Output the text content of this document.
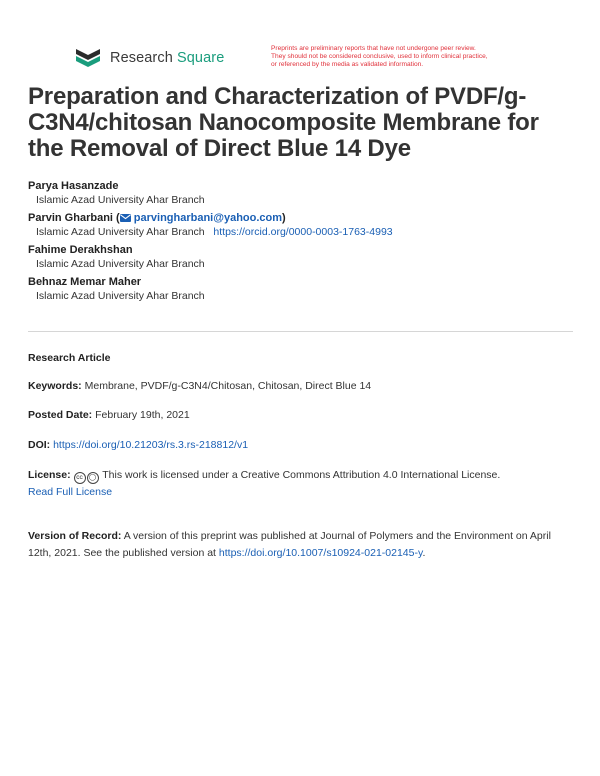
Research Square
Preprints are preliminary reports that have not undergone peer review.
They should not be considered conclusive, used to inform clinical practice,
or referenced by the media as validated information.
Preparation and Characterization of PVDF/g-C3N4/chitosan Nanocomposite Membrane for the Removal of Direct Blue 14 Dye
Parya Hasanzade
Islamic Azad University Ahar Branch
Parvin Gharbani ( parvingharbani@yahoo.com)
Islamic Azad University Ahar Branch https://orcid.org/0000-0003-1763-4993
Fahime Derakhshan
Islamic Azad University Ahar Branch
Behnaz Memar Maher
Islamic Azad University Ahar Branch
Research Article
Keywords: Membrane, PVDF/g-C3N4/Chitosan, Chitosan, Direct Blue 14
Posted Date: February 19th, 2021
DOI: https://doi.org/10.21203/rs.3.rs-218812/v1
License: cc ◯ This work is licensed under a Creative Commons Attribution 4.0 International License.
Read Full License
Version of Record: A version of this preprint was published at Journal of Polymers and the Environment on April 12th, 2021. See the published version at https://doi.org/10.1007/s10924-021-02145-y.
